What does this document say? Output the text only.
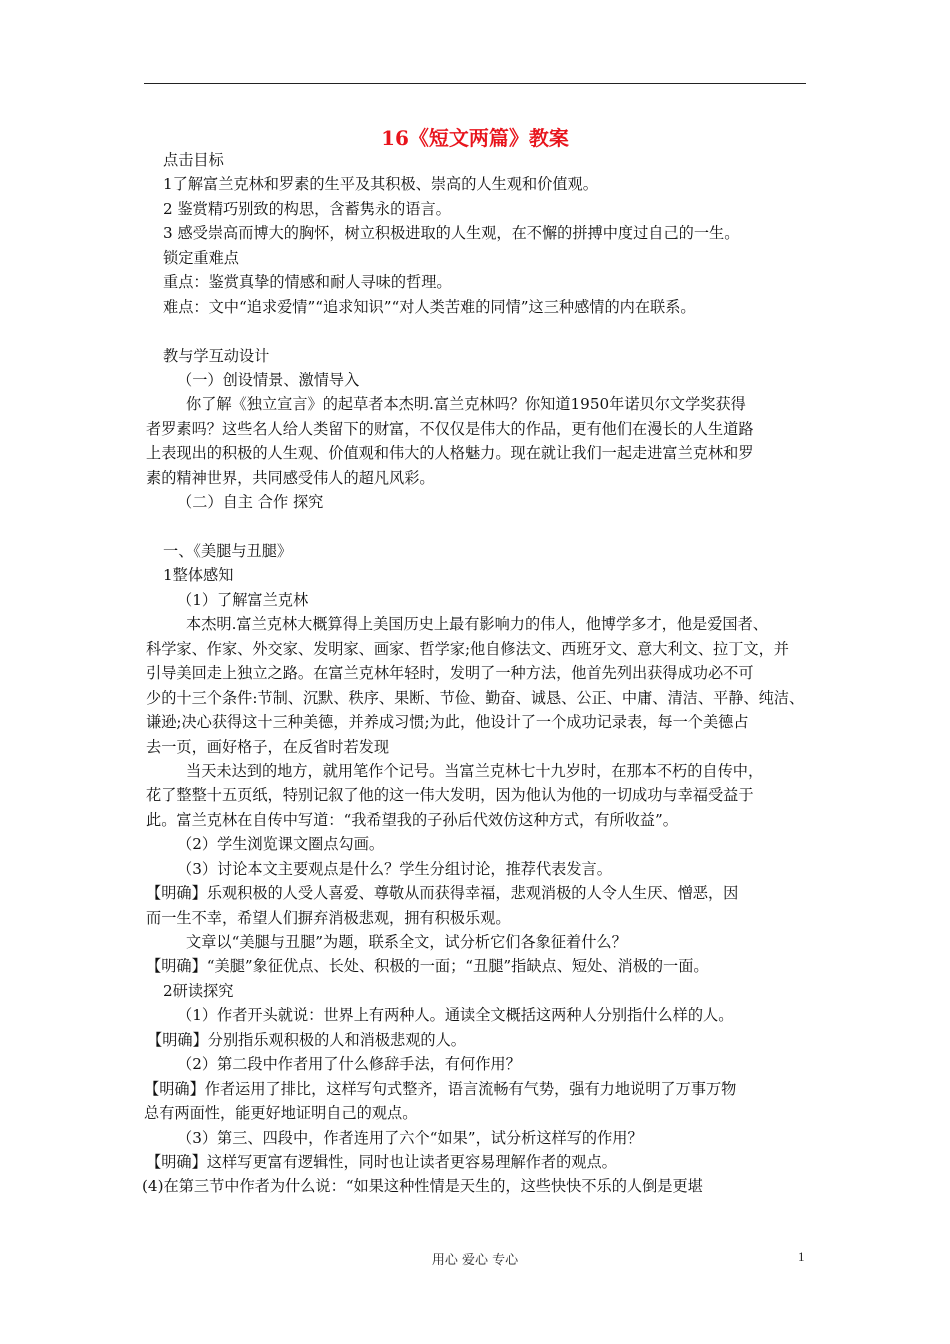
16《短文两篇》教案
点击目标
1了解富兰克林和罗素的生平及其积极、崇高的人生观和价值观。
2 鉴赏精巧别致的构思，含蓄隽永的语言。
3 感受崇高而博大的胸怀，树立积极进取的人生观，在不懈的拼搏中度过自己的一生。
锁定重难点
重点：鉴赏真挚的情感和耐人寻味的哲理。
难点：文中“追求爱情”“追求知识”“对人类苦难的同情”这三种感情的内在联系。
教与学互动设计
（一）创设情景、激情导入
你了解《独立宣言》的起草者本杰明.富兰克林吗？你知道1950年诺贝尔文学奖获得
者罗素吗？这些名人给人类留下的财富，不仅仅是伟大的作品，更有他们在漫长的人生道路
上表现出的积极的人生观、价值观和伟大的人格魅力。现在就让我们一起走进富兰克林和罗
素的精神世界，共同感受伟人的超凡风彩。
（二）自主 合作 探究
一、《美腿与丑腿》
1整体感知
（1）了解富兰克林
本杰明.富兰克林大概算得上美国历史上最有影响力的伟人，他博学多才，他是爱国者、
科学家、作家、外交家、发明家、画家、哲学家;他自修法文、西班牙文、意大利文、拉丁文，并
引导美回走上独立之路。在富兰克林年轻时，发明了一种方法，他首先列出获得成功必不可
少的十三个条件:节制、沉默、秩序、果断、节俭、勤奋、诚恳、公正、中庸、清洁、平静、纯洁、
谦逊;决心获得这十三种美德，并养成习惯;为此，他设计了一个成功记录表，每一个美德占
去一页，画好格子，在反省时若发现
当天未达到的地方，就用笔作个记号。当富兰克林七十九岁时，在那本不朽的自传中，
花了整整十五页纸，特别记叙了他的这一伟大发明，因为他认为他的一切成功与幸福受益于
此。富兰克林在自传中写道：“我希望我的子孙后代效仿这种方式，有所收益”。
（2）学生浏览课文圈点勾画。
（3）讨论本文主要观点是什么？学生分组讨论，推荐代表发言。
【明确】乐观积极的人受人喜爱、尊敬从而获得幸福，悲观消极的人令人生厌、憎恶，因
而一生不幸，希望人们摒弃消极悲观，拥有积极乐观。
文章以“美腿与丑腿”为题，联系全文，试分析它们各象征着什么？
【明确】“美腿”象征优点、长处、积极的一面；“丑腿”指缺点、短处、消极的一面。
2研读探究
（1）作者开头就说：世界上有两种人。通读全文概括这两种人分别指什么样的人。
【明确】分别指乐观积极的人和消极悲观的人。
（2）第二段中作者用了什么修辞手法，有何作用？
【明确】作者运用了排比，这样写句式整齐，语言流畅有气势，强有力地说明了万事万物
总有两面性，能更好地证明自己的观点。
（3）第三、四段中，作者连用了六个“如果”，试分析这样写的作用？
【明确】这样写更富有逻辑性，同时也让读者更容易理解作者的观点。
(4)在第三节中作者为什么说：“如果这种性情是天生的，这些快快不乐的人倒是更堪
用心 爱心 专心	1
